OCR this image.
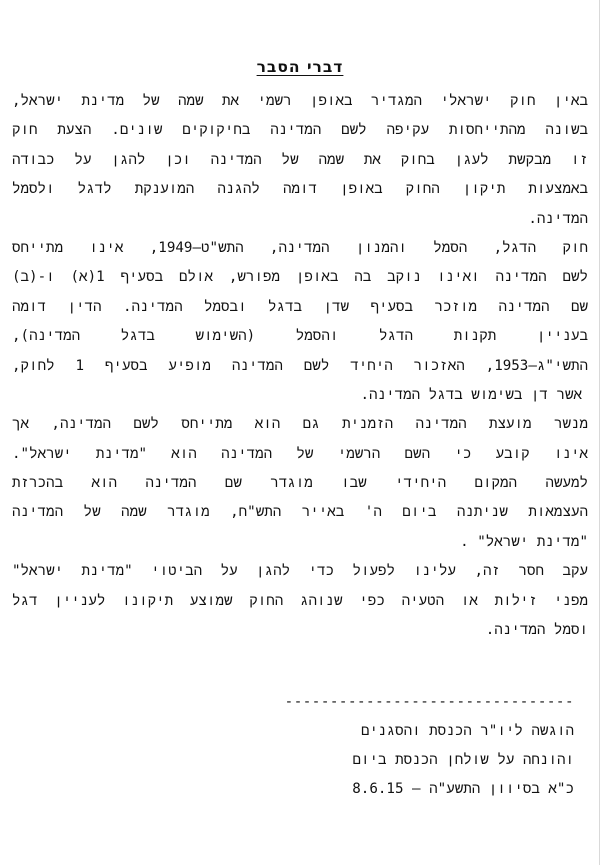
דברי הסבר
באין חוק ישראלי המגדיר באופן רשמי את שמה של מדינת ישראל,
בשונה מהתייחסות עקיפה לשם המדינה בחיקוקים שונים. הצעת חוק
זו מבקשת לעגן בחוק את שמה של המדינה וכן להגן על כבודה
באמצעות תיקון החוק באופן דומה להגנה המוענקת לדגל ולסמל
המדינה.
חוק הדגל, הסמל והמנון המדינה, התש"ט–1949, אינו מתייחס
לשם המדינה ואינו נוקב בה באופן מפורש, אולם בסעיף 1(א) ו-(ב)
שם המדינה מוזכר בסעיף שדן בדגל ובסמל המדינה. הדין דומה
בעניין תקנות הדגל והסמל (השימוש בדגל המדינה),
התשי"ג–1953, האזכור היחיד לשם המדינה מופיע בסעיף 1 לחוק,
אשר דן בשימוש בדגל המדינה.
מנשר מועצת המדינה הזמנית גם הוא מתייחס לשם המדינה, אך
אינו קובע כי השם הרשמי של המדינה הוא "מדינת ישראל".
למעשה המקום היחידי שבו מוגדר שם המדינה הוא בהכרזת
העצמאות שניתנה ביום ה' באייר התש"ח, מוגדר שמה של המדינה
"מדינת ישראל" .
עקב חסר זה, עלינו לפעול כדי להגן על הביטוי "מדינת ישראל"
מפני זילות או הטעיה כפי שנוהג החוק שמוצע תיקונו לעניין דגל
וסמל המדינה.
--------------------------------
הוגשה ליו"ר הכנסת והסגנים
והונחה על שולחן הכנסת ביום
כ"א בסיוון התשע"ה – 8.6.15
